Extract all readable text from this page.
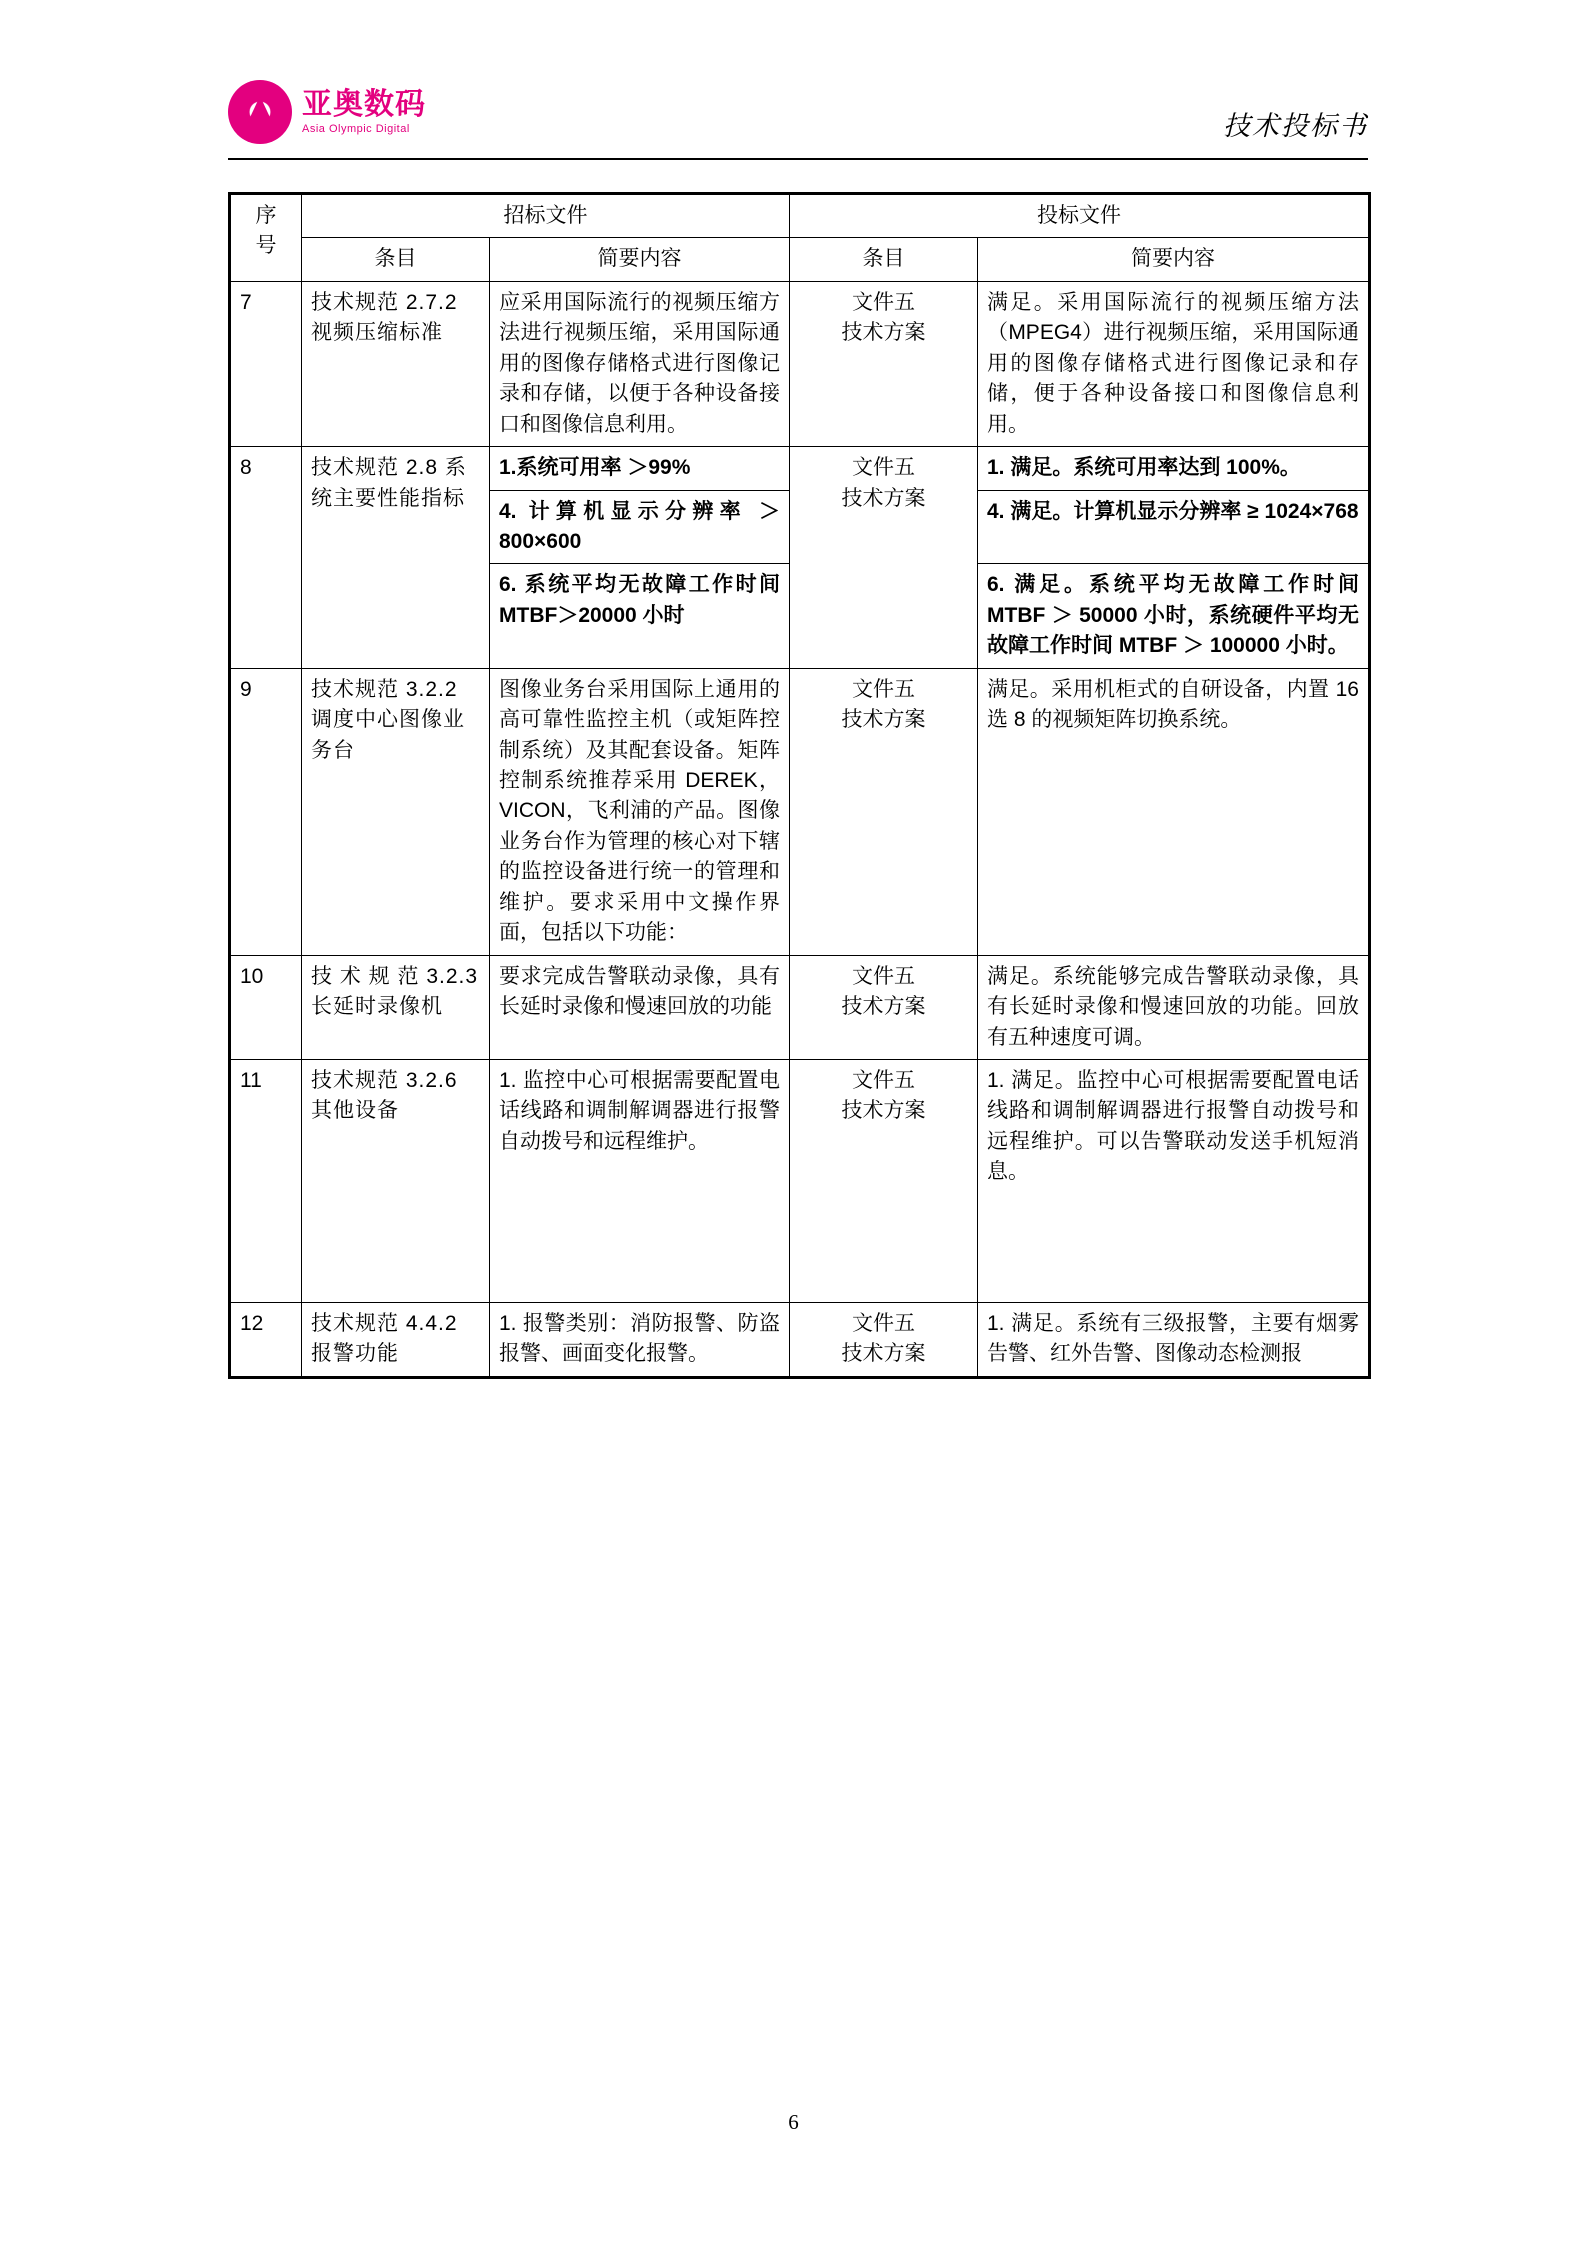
亚奥数码
Asia Olympic Digital	技术投标书
序
号	招标文件		投标文件	
	条目	简要内容	条目	简要内容
7	技术规范 2.7.2 视频压缩标准	应采用国际流行的视频压缩方法进行视频压缩，采用国际通用的图像存储格式进行图像记录和存储，以便于各种设备接口和图像信息利用。	文件五
技术方案	满足。采用国际流行的视频压缩方法（MPEG4）进行视频压缩，采用国际通用的图像存储格式进行图像记录和存储，便于各种设备接口和图像信息利用。
8	技术规范 2.8 系统主要性能指标	1.系统可用率 ＞99%	文件五
技术方案	1. 满足。系统可用率达到 100%。
		4. 计算机显示分辨率 ＞ 800×600		4. 满足。计算机显示分辨率 ≥ 1024×768
		6. 系统平均无故障工作时间 MTBF＞20000 小时		6. 满足。系统平均无故障工作时间 MTBF ＞ 50000 小时，系统硬件平均无故障工作时间 MTBF ＞ 100000 小时。
9	技术规范 3.2.2 调度中心图像业务台	图像业务台采用国际上通用的高可靠性监控主机（或矩阵控制系统）及其配套设备。矩阵控制系统推荐采用 DEREK，VICON，飞利浦的产品。图像业务台作为管理的核心对下辖的监控设备进行统一的管理和维护。要求采用中文操作界面，包括以下功能：	文件五
技术方案	满足。采用机柜式的自研设备，内置 16 选 8 的视频矩阵切换系统。
10	技 术 规 范 3.2.3 长延时录像机	要求完成告警联动录像，具有长延时录像和慢速回放的功能	文件五
技术方案	满足。系统能够完成告警联动录像，具有长延时录像和慢速回放的功能。回放有五种速度可调。
11	技术规范 3.2.6 其他设备	1. 监控中心可根据需要配置电话线路和调制解调器进行报警自动拨号和远程维护。	文件五
技术方案	1. 满足。监控中心可根据需要配置电话线路和调制解调器进行报警自动拨号和远程维护。可以告警联动发送手机短消息。
12	技术规范 4.4.2 报警功能	1. 报警类别：消防报警、防盗报警、画面变化报警。	文件五
技术方案	1. 满足。系统有三级报警，主要有烟雾告警、红外告警、图像动态检测报
6
